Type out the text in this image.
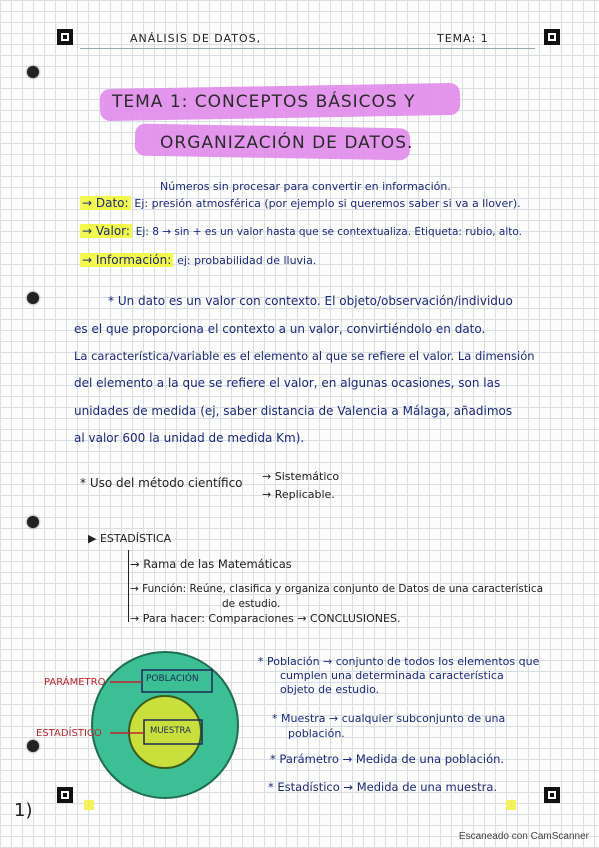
ANÁLISIS DE DATOS,	TEMA: 1
TEMA 1: CONCEPTOS BÁSICOS Y
ORGANIZACIÓN DE DATOS.
Números sin procesar para convertir en información.
→ Dato: Ej: presión atmosférica (por ejemplo si queremos saber si va a llover).
→ Valor: Ej: 8 → sin + es un valor hasta que se contextualiza. Etiqueta: rubio, alto.
→ Información: ej: probabilidad de lluvia.
* Un dato es un valor con contexto. El objeto/observación/individuo
es el que proporciona el contexto a un valor, convirtiéndolo en dato.
La característica/variable es el elemento al que se refiere el valor. La dimensión
del elemento a la que se refiere el valor, en algunas ocasiones, son las
unidades de medida (ej, saber distancia de Valencia a Málaga, añadimos
al valor 600 la unidad de medida Km).
* Uso del método científico → Sistemático
→ Replicable.
▶ ESTADÍSTICA
→ Rama de las Matemáticas
→ Función: Reúne, clasifica y organiza conjunto de Datos de una característica
de estudio.
→ Para hacer: Comparaciones → CONCLUSIONES.
POBLACIÓN
MUESTRA
PARÁMETRO
ESTADÍSTICO
* Población → conjunto de todos los elementos que
cumplen una determinada característica
objeto de estudio.
* Muestra → cualquier subconjunto de una
población.
* Parámetro → Medida de una población.
* Estadístico → Medida de una muestra.
1)
Escaneado con CamScanner
